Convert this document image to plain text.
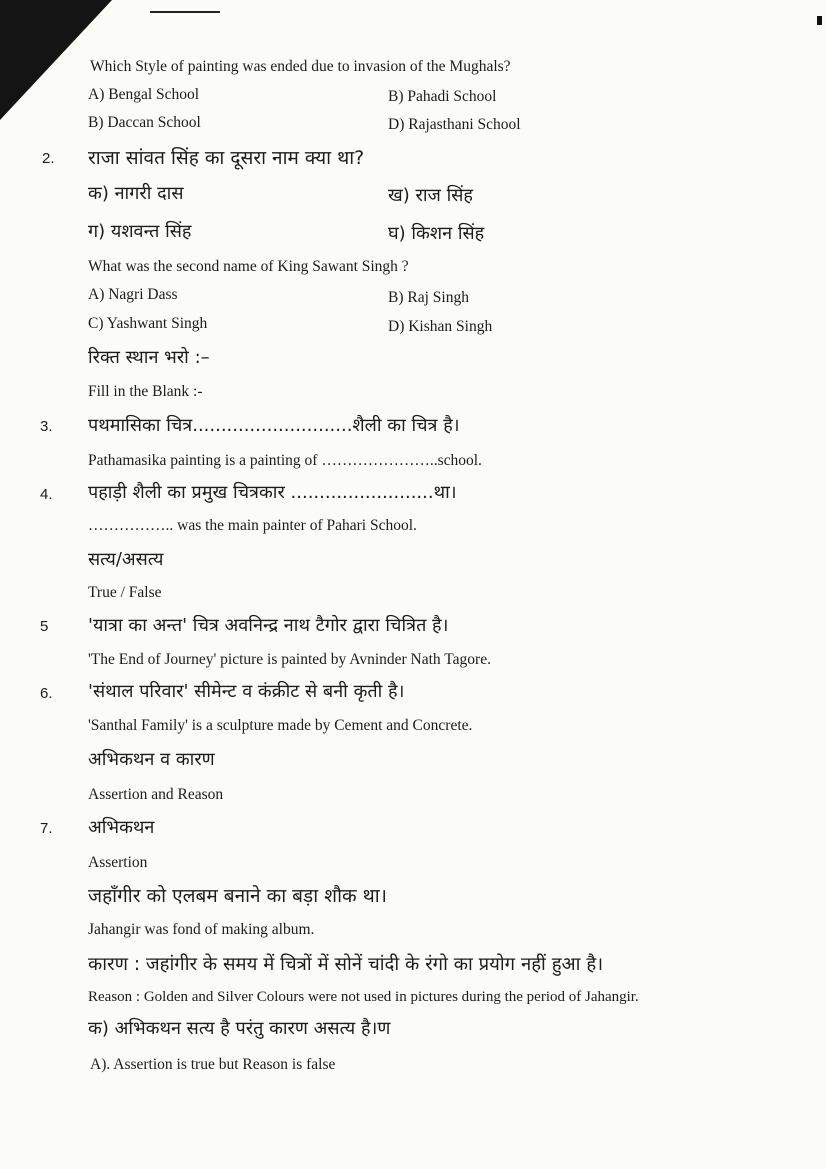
Which Style of painting was ended due to invasion of the Mughals?
A) Bengal School	B) Pahadi School
B) Daccan School	D) Rajasthani School
2. राजा सांवत सिंह का दूसरा नाम क्या था?
क) नागरी दास	ख) राज सिंह
ग) यशवन्त सिंह	घ) किशन सिंह
What was the second name of King Sawant Singh ?
A) Nagri Dass	B) Raj Singh
C) Yashwant Singh	D) Kishan Singh
रिक्त स्थान भरो :–
Fill in the Blank :-
3. पथमासिका चित्र............................शैली का चित्र है।
Pathamasika painting is a painting of …………………..school.
4. पहाड़ी शैली का प्रमुख चित्रकार .........................था।
…………….. was the main painter of Pahari School.
सत्य/असत्य
True / False
5 'यात्रा का अन्त' चित्र अवनिन्द्र नाथ टैगोर द्वारा चित्रित है।
'The End of Journey' picture is painted by Avninder Nath Tagore.
6. 'संथाल परिवार' सीमेन्ट व कंक्रीट से बनी कृती है।
'Santhal Family' is a sculpture made by Cement and Concrete.
अभिकथन व कारण
Assertion and Reason
7. अभिकथन
Assertion
जहाँगीर को एलबम बनाने का बड़ा शौक था।
Jahangir was fond of making album.
कारण : जहांगीर के समय में चित्रों में सोनें चांदी के रंगो का प्रयोग नहीं हुआ है।
Reason : Golden and Silver Colours were not used in pictures during the period of Jahangir.
क) अभिकथन सत्य है परंतु कारण असत्य है।ण
A). Assertion is true but Reason is false
